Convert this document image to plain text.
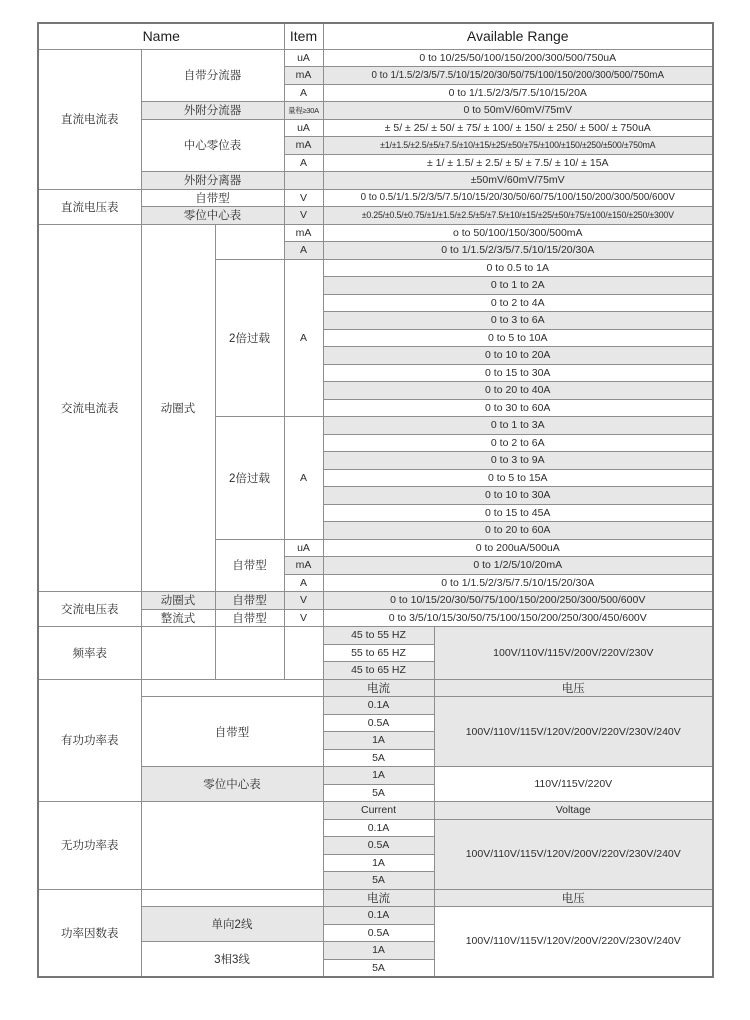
Name			Item	Available Range	
直流电流表	自带分流器		uA	0 to 10/25/50/100/150/200/300/500/750uA	
			mA	0 to 1/1.5/2/3/5/7.5/10/15/20/30/50/75/100/150/200/300/500/750mA	
			A	0 to 1/1.5/2/3/5/7.5/10/15/20A	
	外附分流器		量程≥30A	0 to 50mV/60mV/75mV	
	中心零位表		uA	± 5/ ± 25/ ± 50/ ± 75/ ± 100/ ± 150/ ± 250/ ± 500/ ± 750uA	
			mA	±1/±1.5/±2.5/±5/±7.5/±10/±15/±25/±50/±75/±100/±150/±250/±500/±750mA	
			A	± 1/ ± 1.5/ ± 2.5/ ± 5/ ± 7.5/ ± 10/ ± 15A	
	外附分离器			±50mV/60mV/75mV	
直流电压表	自带型		V	0 to 0.5/1/1.5/2/3/5/7.5/10/15/20/30/50/60/75/100/150/200/300/500/600V	
	零位中心表		V	±0.25/±0.5/±0.75/±1/±1.5/±2.5/±5/±7.5/±10/±15/±25/±50/±75/±100/±150/±250/±300V	
交流电流表	动圈式		mA	o to 50/100/150/300/500mA	
			A	0 to 1/1.5/2/3/5/7.5/10/15/20/30A	
		2倍过载	A	0 to 0.5 to 1A	
				0 to 1 to 2A	
				0 to 2 to 4A	
				0 to 3 to 6A	
				0 to 5 to 10A	
				0 to 10 to 20A	
				0 to 15 to 30A	
				0 to 20 to 40A	
				0 to 30 to 60A	
		2倍过载	A	0 to 1 to 3A	
				0 to 2 to 6A	
				0 to 3 to 9A	
				0 to 5 to 15A	
				0 to 10 to 30A	
				0 to 15 to 45A	
				0 to 20 to 60A	
		自带型	uA	0 to 200uA/500uA	
			mA	0 to 1/2/5/10/20mA	
			A	0 to 1/1.5/2/3/5/7.5/10/15/20/30A	
交流电压表	动圈式	自带型	V	0 to 10/15/20/30/50/75/100/150/200/250/300/500/600V	
	整流式	自带型	V	0 to 3/5/10/15/30/50/75/100/150/200/250/300/450/600V	
频率表				45 to 55 HZ	100V/110V/115V/200V/220V/230V
				55 to 65 HZ	
				45 to 65 HZ	
有功功率表				电流	电压
	自带型			0.1A	100V/110V/115V/120V/200V/220V/230V/240V
				0.5A	
				1A	
				5A	
	零位中心表			1A	110V/115V/220V
				5A	
无功功率表				Current	Voltage
				0.1A	100V/110V/115V/120V/200V/220V/230V/240V
				0.5A	
				1A	
				5A	
功率因数表				电流	电压
	单向2线			0.1A	100V/110V/115V/120V/200V/220V/230V/240V
				0.5A	
	3相3线			1A	
				5A	
